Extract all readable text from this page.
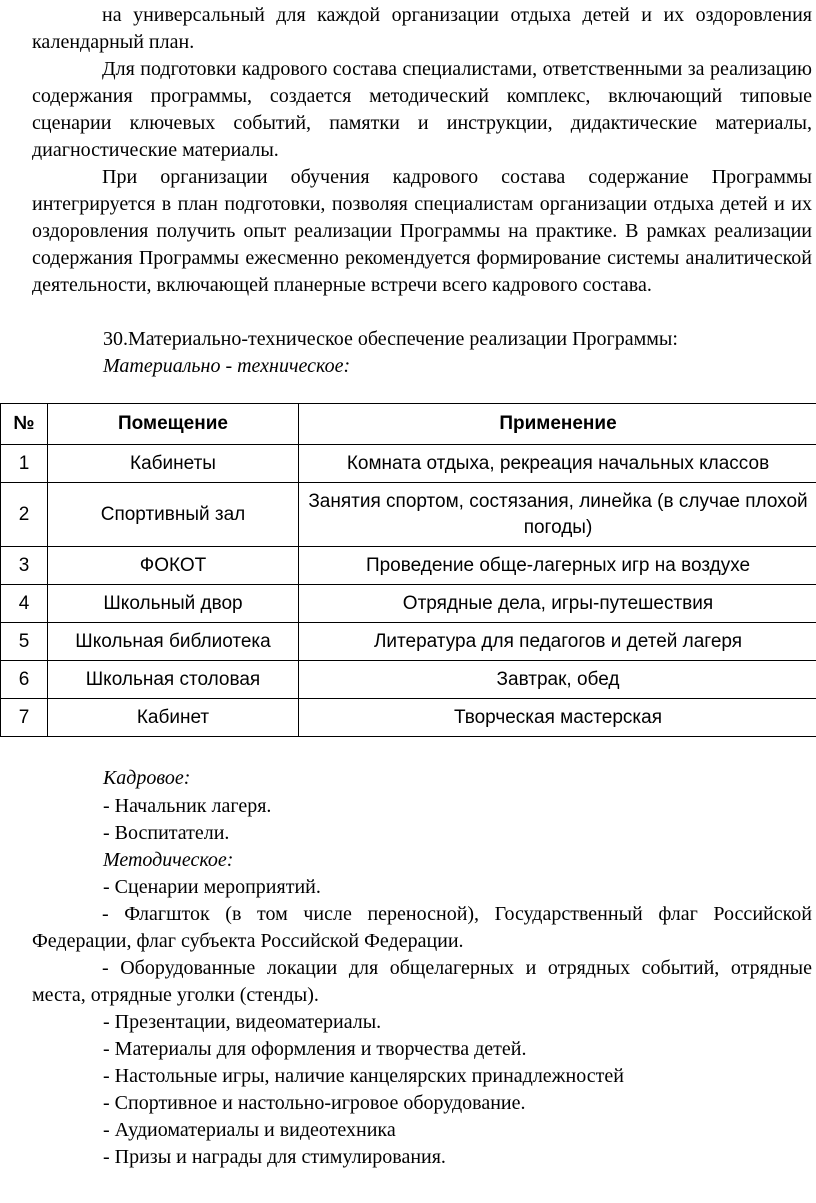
на универсальный для каждой организации отдыха детей и их оздоровления календарный план.

Для подготовки кадрового состава специалистами, ответственными за реализацию содержания программы, создается методический комплекс, включающий типовые сценарии ключевых событий, памятки и инструкции, дидактические материалы, диагностические материалы.

При организации обучения кадрового состава содержание Программы интегрируется в план подготовки, позволяя специалистам организации отдыха детей и их оздоровления получить опыт реализации Программы на практике. В рамках реализации содержания Программы ежесменно рекомендуется формирование системы аналитической деятельности, включающей планерные встречи всего кадрового состава.

30.Материально-техническое обеспечение реализации Программы:

Материально - техническое:

№	Помещение	Применение
1	Кабинеты	Комната отдыха, рекреация начальных классов
2	Спортивный зал	Занятия спортом, состязания, линейка (в случае плохой погоды)
3	ФОКОТ	Проведение обще-лагерных игр на воздухе
4	Школьный двор	Отрядные дела, игры-путешествия
5	Школьная библиотека	Литература для педагогов и детей лагеря
6	Школьная столовая	Завтрак, обед
7	Кабинет	Творческая мастерская

Кадровое:

- Начальник лагеря.

- Воспитатели.

Методическое:

- Сценарии мероприятий.

- Флагшток (в том числе переносной), Государственный флаг Российской Федерации, флаг субъекта Российской Федерации.

- Оборудованные локации для общелагерных и отрядных событий, отрядные места, отрядные уголки (стенды).

- Презентации, видеоматериалы.

- Материалы для оформления и творчества детей.

- Настольные игры, наличие канцелярских принадлежностей

- Спортивное и настольно-игровое оборудование.

- Аудиоматериалы и видеотехника

- Призы и награды для стимулирования.
